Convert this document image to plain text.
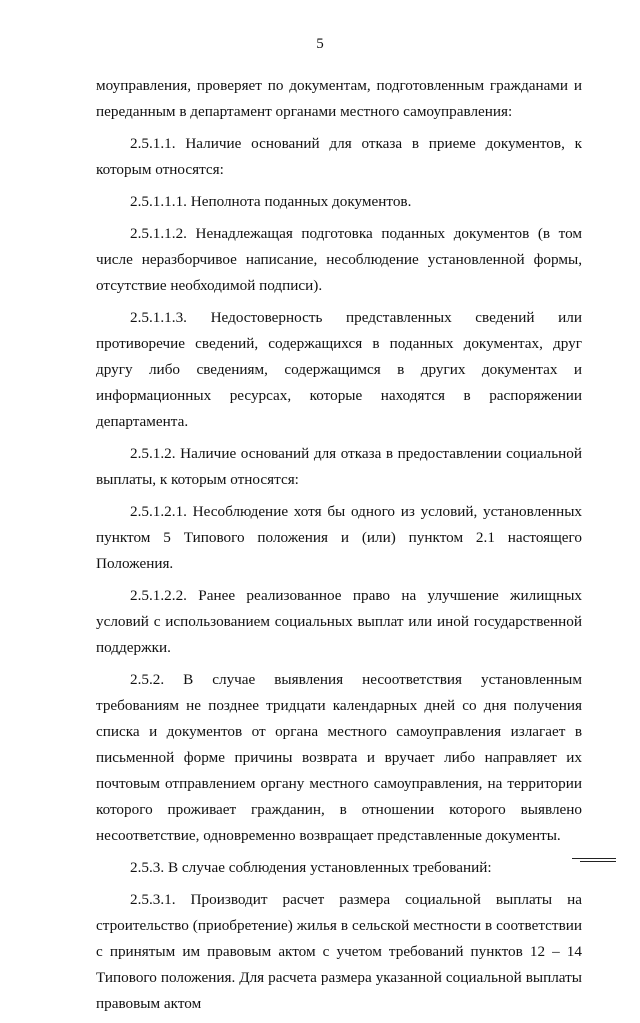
5

моуправления, проверяет по документам, подготовленным гражданами и переданным в департамент органами местного самоуправления:

2.5.1.1. Наличие оснований для отказа в приеме документов, к которым относятся:

2.5.1.1.1. Неполнота поданных документов.

2.5.1.1.2. Ненадлежащая подготовка поданных документов (в том числе неразборчивое написание, несоблюдение установленной формы, отсутствие необходимой подписи).

2.5.1.1.3. Недостоверность представленных сведений или противоречие сведений, содержащихся в поданных документах, друг другу либо сведениям, содержащимся в других документах и информационных ресурсах, которые находятся в распоряжении департамента.

2.5.1.2. Наличие оснований для отказа в предоставлении социальной выплаты, к которым относятся:

2.5.1.2.1. Несоблюдение хотя бы одного из условий, установленных пунктом 5 Типового положения и (или) пунктом 2.1 настоящего Положения.

2.5.1.2.2. Ранее реализованное право на улучшение жилищных условий с использованием социальных выплат или иной государственной поддержки.

2.5.2. В случае выявления несоответствия установленным требованиям не позднее тридцати календарных дней со дня получения списка и документов от органа местного самоуправления излагает в письменной форме причины возврата и вручает либо направляет их почтовым отправлением органу местного самоуправления, на территории которого проживает гражданин, в отношении которого выявлено несоответствие, одновременно возвращает представленные документы.

2.5.3. В случае соблюдения установленных требований:

2.5.3.1. Производит расчет размера социальной выплаты на строительство (приобретение) жилья в сельской местности в соответствии с принятым им правовым актом с учетом требований пунктов 12 – 14 Типового положения. Для расчета размера указанной социальной выплаты правовым актом
